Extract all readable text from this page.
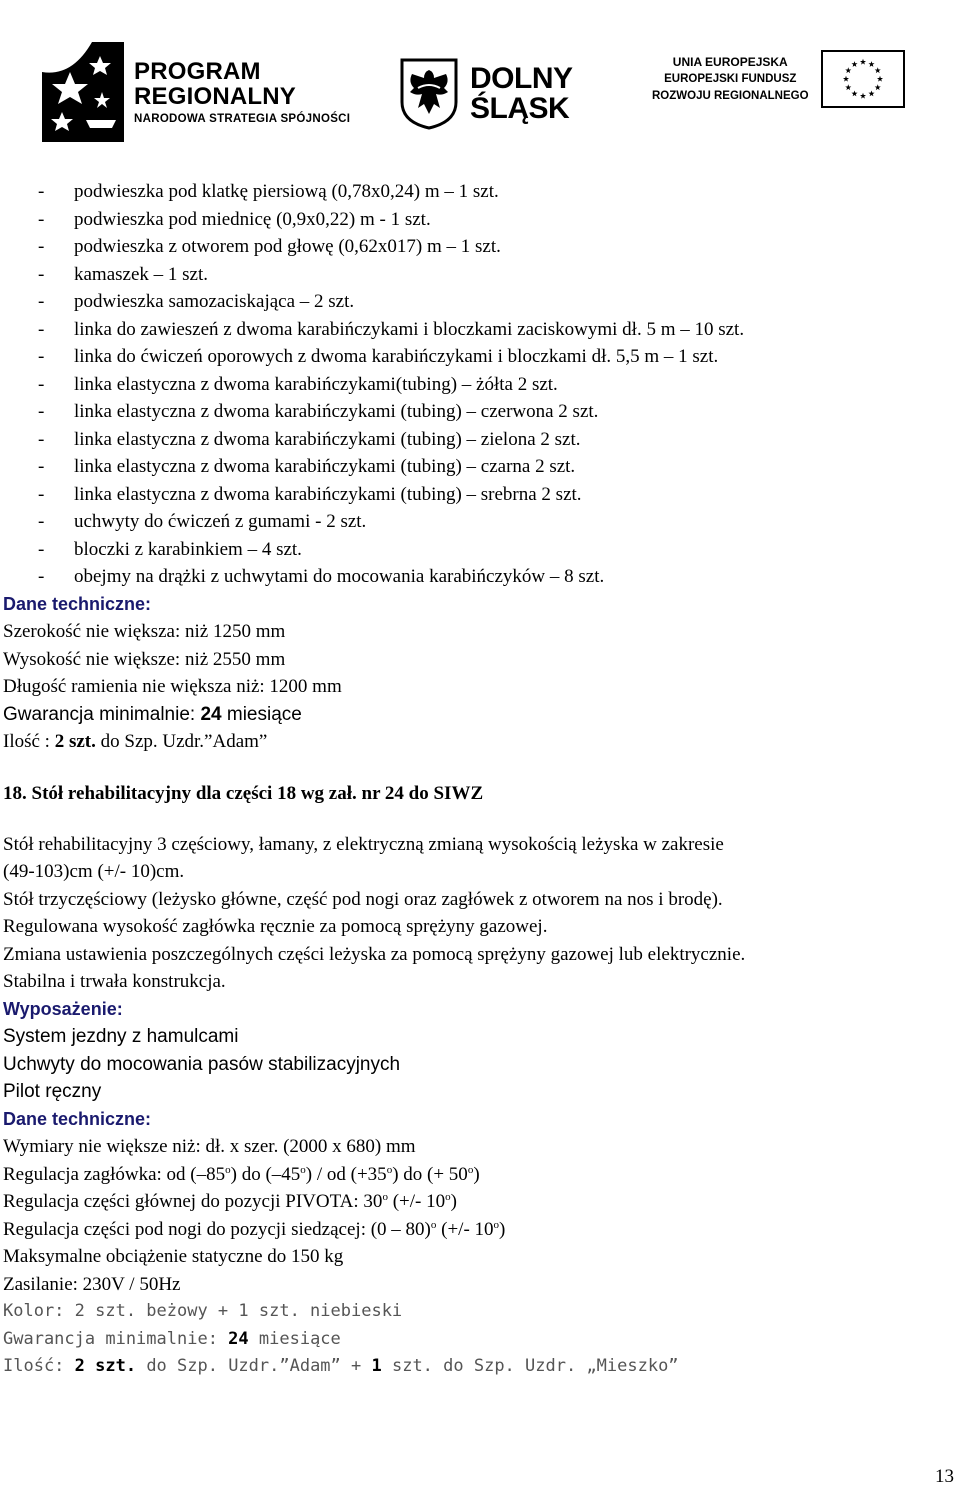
PROGRAM
REGIONALNY
NARODOWA STRATEGIA SPÓJNOŚCI
DOLNY
ŚLĄSK
UNIA EUROPEJSKA
EUROPEJSKI FUNDUSZ
ROZWOJU REGIONALNEGO
- podwieszka pod klatkę piersiową (0,78x0,24) m – 1 szt.
- podwieszka pod miednicę (0,9x0,22) m - 1 szt.
- podwieszka z otworem pod głowę (0,62x017) m – 1 szt.
- kamaszek – 1 szt.
- podwieszka samozaciskająca – 2 szt.
- linka do zawieszeń z dwoma karabińczykami i bloczkami zaciskowymi dł. 5 m – 10 szt.
- linka do ćwiczeń oporowych z dwoma karabińczykami i bloczkami dł. 5,5 m – 1 szt.
- linka elastyczna z dwoma karabińczykami(tubing) – żółta 2 szt.
- linka elastyczna z dwoma karabińczykami (tubing) – czerwona 2 szt.
- linka elastyczna z dwoma karabińczykami (tubing) – zielona 2 szt.
- linka elastyczna z dwoma karabińczykami (tubing) – czarna 2 szt.
- linka elastyczna z dwoma karabińczykami (tubing) – srebrna 2 szt.
- uchwyty do ćwiczeń z gumami - 2 szt.
- bloczki z karabinkiem – 4 szt.
- obejmy na drążki z uchwytami do mocowania karabińczyków – 8 szt.
Dane techniczne:
Szerokość nie większa: niż 1250 mm
Wysokość nie większe: niż 2550 mm
Długość ramienia nie większa niż: 1200 mm
Gwarancja minimalnie: 24 miesiące
Ilość : 2 szt. do Szp. Uzdr.”Adam”
18. Stół rehabilitacyjny dla części 18 wg zał. nr 24 do SIWZ
Stół rehabilitacyjny 3 częściowy, łamany, z elektryczną zmianą wysokością leżyska w zakresie
(49-103)cm (+/- 10)cm.
Stół trzyczęściowy (leżysko główne, część pod nogi oraz zagłówek z otworem na nos i brodę).
Regulowana wysokość zagłówka ręcznie za pomocą sprężyny gazowej.
Zmiana ustawienia poszczególnych części leżyska za pomocą sprężyny gazowej lub elektrycznie.
Stabilna i trwała konstrukcja.
Wyposażenie:
System jezdny z hamulcami
Uchwyty do mocowania pasów stabilizacyjnych
Pilot ręczny
Dane techniczne:
Wymiary nie większe niż: dł. x szer. (2000 x 680) mm
Regulacja zagłówka: od (–85$^o$) do (–45$^o$) / od $(+35^o)$ do (+ $50^o$)
Regulacja części głównej do pozycji PIVOTA: 30$^o$ (+/- 10$^o$)
Regulacja części pod nogi do pozycji siedzącej: (0 – 80)$^o$ (+/- 10$^o$)
Maksymalne obciążenie statyczne do 150 kg
Zasilanie: 230V / 50Hz
Kolor: 2 szt. beżowy + 1 szt. niebieski
Gwarancja minimalnie: 24 miesiące
Ilość: 2 szt. do Szp. Uzdr.”Adam” + 1 szt. do Szp. Uzdr. „Mieszko”
13
